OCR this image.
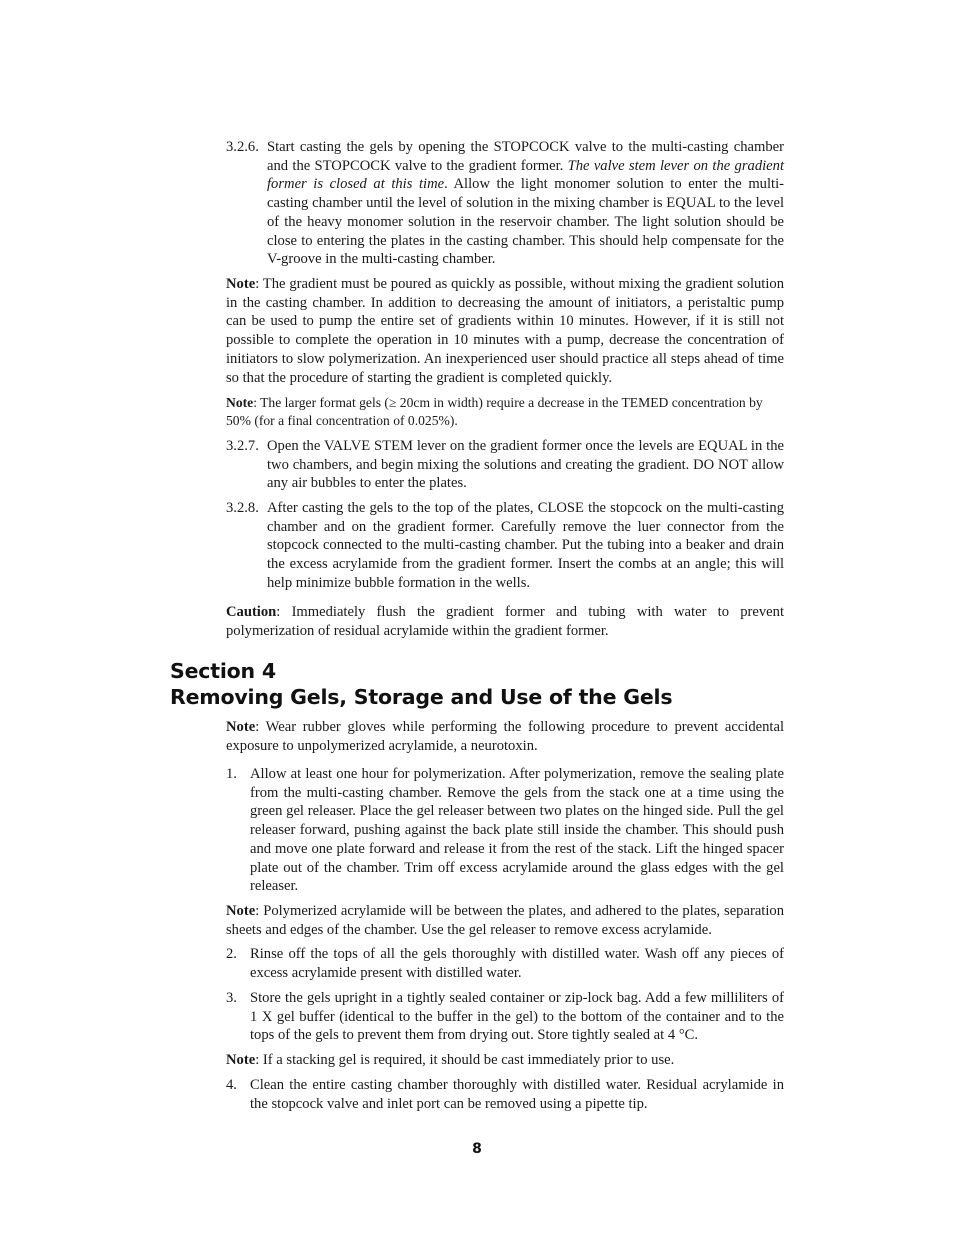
3.2.6. Start casting the gels by opening the STOPCOCK valve to the multi-casting chamber and the STOPCOCK valve to the gradient former. The valve stem lever on the gradient former is closed at this time. Allow the light monomer solution to enter the multi-casting chamber until the level of solution in the mixing chamber is EQUAL to the level of the heavy monomer solution in the reservoir chamber. The light solution should be close to entering the plates in the casting chamber. This should help compensate for the V-groove in the multi-casting chamber.
Note: The gradient must be poured as quickly as possible, without mixing the gradient solution in the casting chamber. In addition to decreasing the amount of initiators, a peristaltic pump can be used to pump the entire set of gradients within 10 minutes. However, if it is still not possible to complete the operation in 10 minutes with a pump, decrease the concentration of initiators to slow polymerization. An inexperienced user should practice all steps ahead of time so that the procedure of starting the gradient is completed quickly.
Note: The larger format gels (≥ 20cm in width) require a decrease in the TEMED concentration by 50% (for a final concentration of 0.025%).
3.2.7. Open the VALVE STEM lever on the gradient former once the levels are EQUAL in the two chambers, and begin mixing the solutions and creating the gradient. DO NOT allow any air bubbles to enter the plates.
3.2.8. After casting the gels to the top of the plates, CLOSE the stopcock on the multi-casting chamber and on the gradient former. Carefully remove the luer connector from the stopcock connected to the multi-casting chamber. Put the tubing into a beaker and drain the excess acrylamide from the gradient former. Insert the combs at an angle; this will help minimize bubble formation in the wells.
Caution: Immediately flush the gradient former and tubing with water to prevent polymerization of residual acrylamide within the gradient former.
Section 4
Removing Gels, Storage and Use of the Gels
Note: Wear rubber gloves while performing the following procedure to prevent accidental exposure to unpolymerized acrylamide, a neurotoxin.
1. Allow at least one hour for polymerization. After polymerization, remove the sealing plate from the multi-casting chamber. Remove the gels from the stack one at a time using the green gel releaser. Place the gel releaser between two plates on the hinged side. Pull the gel releaser forward, pushing against the back plate still inside the chamber. This should push and move one plate forward and release it from the rest of the stack. Lift the hinged spacer plate out of the chamber. Trim off excess acrylamide around the glass edges with the gel releaser.
Note: Polymerized acrylamide will be between the plates, and adhered to the plates, separation sheets and edges of the chamber. Use the gel releaser to remove excess acrylamide.
2. Rinse off the tops of all the gels thoroughly with distilled water. Wash off any pieces of excess acrylamide present with distilled water.
3. Store the gels upright in a tightly sealed container or zip-lock bag. Add a few milliliters of 1 X gel buffer (identical to the buffer in the gel) to the bottom of the container and to the tops of the gels to prevent them from drying out. Store tightly sealed at 4 °C.
Note: If a stacking gel is required, it should be cast immediately prior to use.
4. Clean the entire casting chamber thoroughly with distilled water. Residual acrylamide in the stopcock valve and inlet port can be removed using a pipette tip.
8
